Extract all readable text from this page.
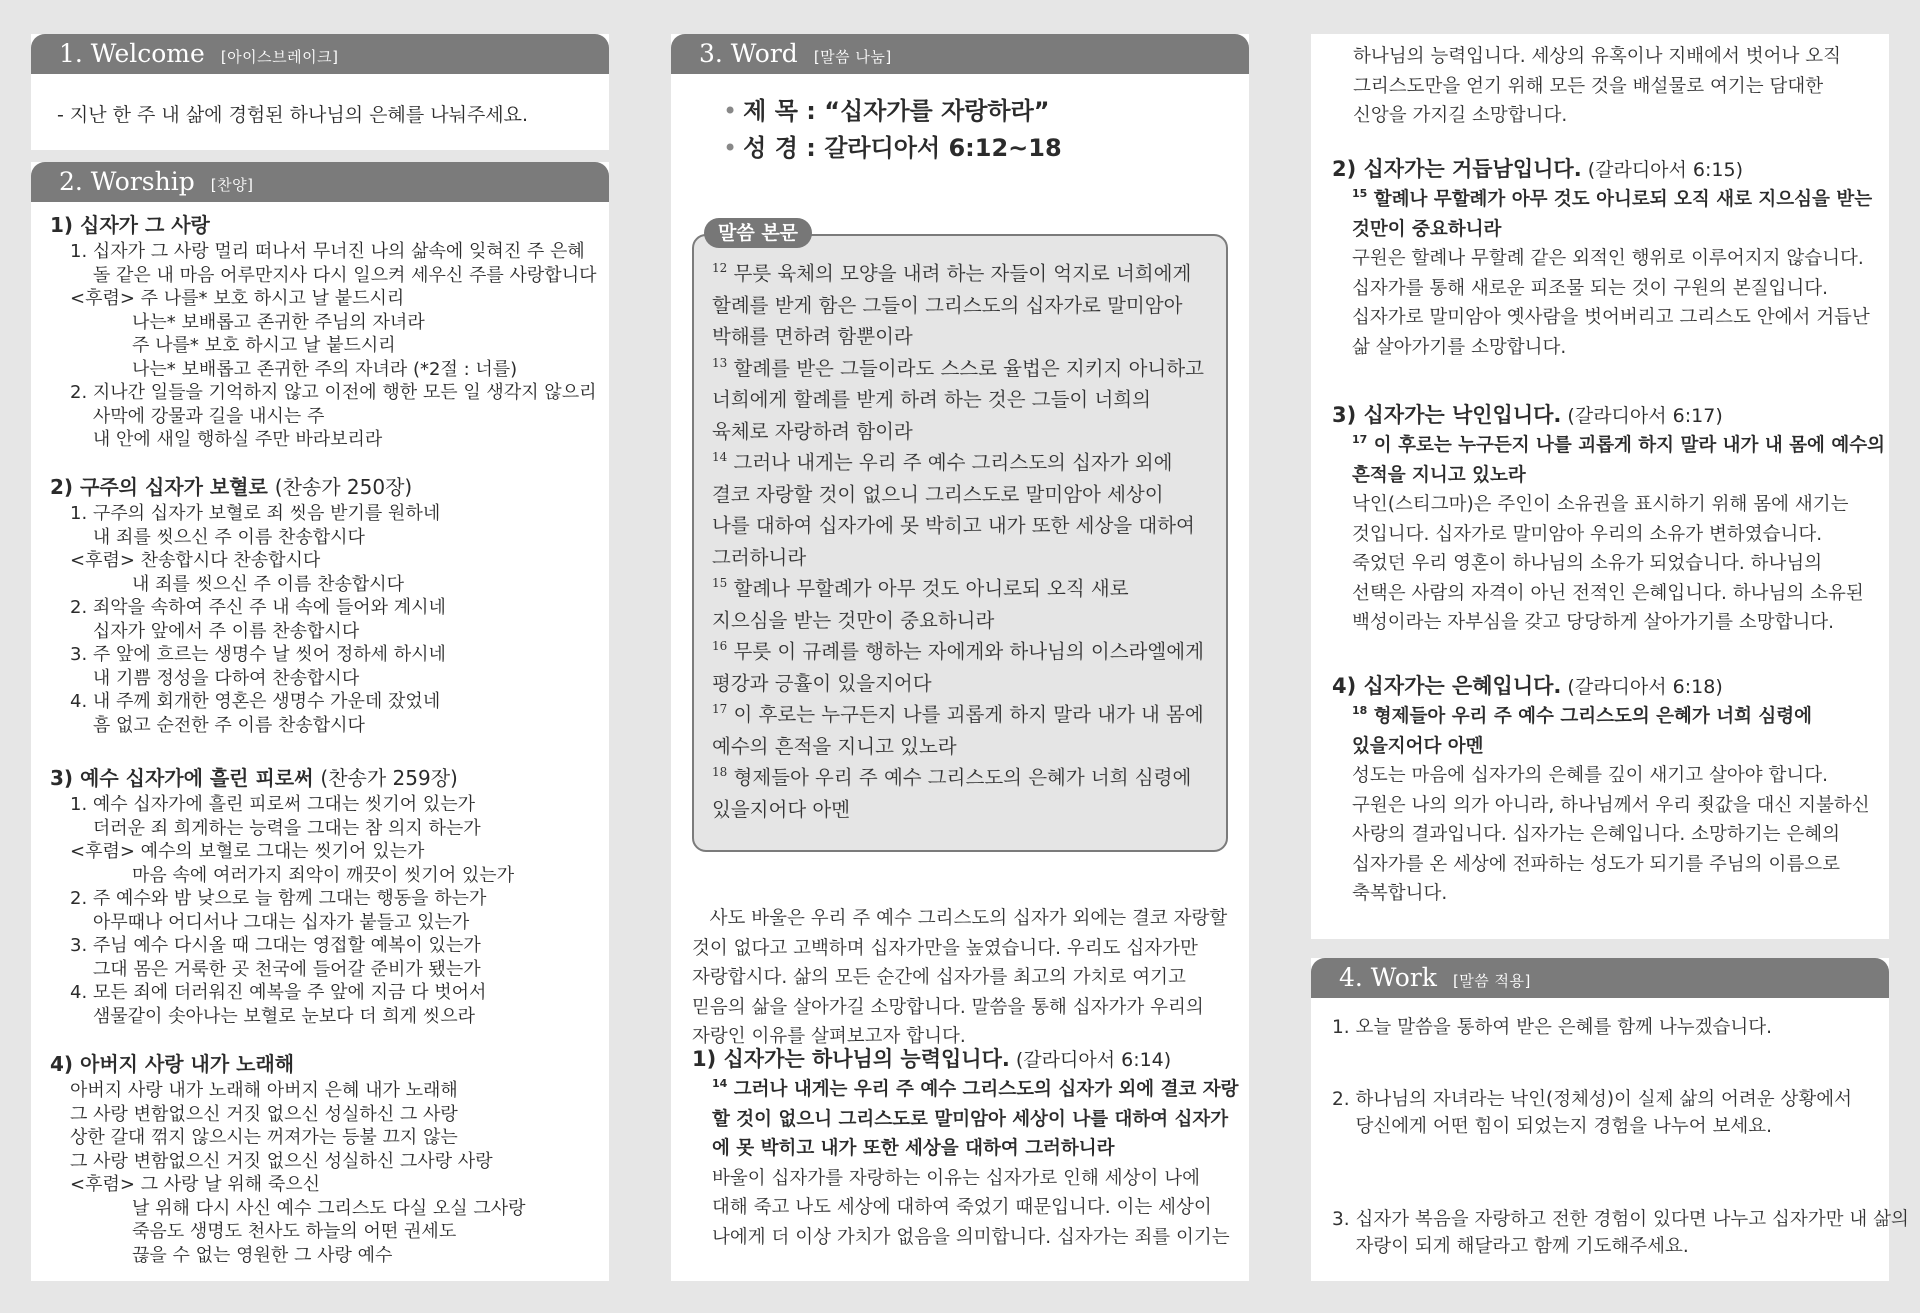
1. Welcome [아이스브레이크]
- 지난 한 주 내 삶에 경험된 하나님의 은혜를 나눠주세요.
2. Worship [찬양]
1) 십자가 그 사랑
1. 십자가 그 사랑 멀리 떠나서 무너진 나의 삶속에 잊혀진 주 은혜
돌 같은 내 마음 어루만지사 다시 일으켜 세우신 주를 사랑합니다
<후렴> 주 나를* 보호 하시고 날 붙드시리
나는* 보배롭고 존귀한 주님의 자녀라
주 나를* 보호 하시고 날 붙드시리
나는* 보배롭고 존귀한 주의 자녀라 (*2절 : 너를)
2. 지나간 일들을 기억하지 않고 이전에 행한 모든 일 생각지 않으리
사막에 강물과 길을 내시는 주
내 안에 새일 행하실 주만 바라보리라
2) 구주의 십자가 보혈로 (찬송가 250장)
1. 구주의 십자가 보혈로 죄 씻음 받기를 원하네
내 죄를 씻으신 주 이름 찬송합시다
<후렴> 찬송합시다 찬송합시다
내 죄를 씻으신 주 이름 찬송합시다
2. 죄악을 속하여 주신 주 내 속에 들어와 계시네
십자가 앞에서 주 이름 찬송합시다
3. 주 앞에 흐르는 생명수 날 씻어 정하세 하시네
내 기쁨 정성을 다하여 찬송합시다
4. 내 주께 회개한 영혼은 생명수 가운데 잤었네
흠 없고 순전한 주 이름 찬송합시다
3) 예수 십자가에 흘린 피로써 (찬송가 259장)
1. 예수 십자가에 흘린 피로써 그대는 씻기어 있는가
더러운 죄 희게하는 능력을 그대는 참 의지 하는가
<후렴> 예수의 보혈로 그대는 씻기어 있는가
마음 속에 여러가지 죄악이 깨끗이 씻기어 있는가
2. 주 예수와 밤 낮으로 늘 함께 그대는 행동을 하는가
아무때나 어디서나 그대는 십자가 붙들고 있는가
3. 주님 예수 다시올 때 그대는 영접할 예복이 있는가
그대 몸은 거룩한 곳 천국에 들어갈 준비가 됐는가
4. 모든 죄에 더러워진 예복을 주 앞에 지금 다 벗어서
샘물같이 솟아나는 보혈로 눈보다 더 희게 씻으라
4) 아버지 사랑 내가 노래해
아버지 사랑 내가 노래해 아버지 은혜 내가 노래해
그 사랑 변함없으신 거짓 없으신 성실하신 그 사랑
상한 갈대 꺾지 않으시는 꺼져가는 등불 끄지 않는
그 사랑 변함없으신 거짓 없으신 성실하신 그사랑 사랑
<후렴> 그 사랑 날 위해 죽으신
날 위해 다시 사신 예수 그리스도 다실 오실 그사랑
죽음도 생명도 천사도 하늘의 어떤 권세도
끊을 수 없는 영원한 그 사랑 예수
3. Word [말씀 나눔]
• 제 목 : “십자가를 자랑하라”
• 성 경 : 갈라디아서 6:12~18
말씀 본문
$^{12}$ 무릇 육체의 모양을 내려 하는 자들이 억지로 너희에게
할례를 받게 함은 그들이 그리스도의 십자가로 말미암아
박해를 면하려 함뿐이라
$^{13}$ 할례를 받은 그들이라도 스스로 율법은 지키지 아니하고
너희에게 할례를 받게 하려 하는 것은 그들이 너희의
육체로 자랑하려 함이라
$^{14}$ 그러나 내게는 우리 주 예수 그리스도의 십자가 외에
결코 자랑할 것이 없으니 그리스도로 말미암아 세상이
나를 대하여 십자가에 못 박히고 내가 또한 세상을 대하여
그러하니라
$^{15}$ 할례나 무할례가 아무 것도 아니로되 오직 새로
지으심을 받는 것만이 중요하니라
$^{16}$ 무릇 이 규례를 행하는 자에게와 하나님의 이스라엘에게
평강과 긍휼이 있을지어다
$^{17}$ 이 후로는 누구든지 나를 괴롭게 하지 말라 내가 내 몸에
예수의 흔적을 지니고 있노라
$^{18}$ 형제들아 우리 주 예수 그리스도의 은혜가 너희 심령에
있을지어다 아멘
사도 바울은 우리 주 예수 그리스도의 십자가 외에는 결코 자랑할
것이 없다고 고백하며 십자가만을 높였습니다. 우리도 십자가만
자랑합시다. 삶의 모든 순간에 십자가를 최고의 가치로 여기고
믿음의 삶을 살아가길 소망합니다. 말씀을 통해 십자가가 우리의
자랑인 이유를 살펴보고자 합니다.
1) 십자가는 하나님의 능력입니다. (갈라디아서 6:14)
$^{14}$ 그러나 내게는 우리 주 예수 그리스도의 십자가 외에 결코 자랑
할 것이 없으니 그리스도로 말미암아 세상이 나를 대하여 십자가
에 못 박히고 내가 또한 세상을 대하여 그러하니라
바울이 십자가를 자랑하는 이유는 십자가로 인해 세상이 나에
대해 죽고 나도 세상에 대하여 죽었기 때문입니다. 이는 세상이
나에게 더 이상 가치가 없음을 의미합니다. 십자가는 죄를 이기는
하나님의 능력입니다. 세상의 유혹이나 지배에서 벗어나 오직
그리스도만을 얻기 위해 모든 것을 배설물로 여기는 담대한
신앙을 가지길 소망합니다.
2) 십자가는 거듭남입니다. (갈라디아서 6:15)
$^{15}$ 할례나 무할례가 아무 것도 아니로되 오직 새로 지으심을 받는
것만이 중요하니라
구원은 할례나 무할례 같은 외적인 행위로 이루어지지 않습니다.
십자가를 통해 새로운 피조물 되는 것이 구원의 본질입니다.
십자가로 말미암아 옛사람을 벗어버리고 그리스도 안에서 거듭난
삶 살아가기를 소망합니다.
3) 십자가는 낙인입니다. (갈라디아서 6:17)
$^{17}$ 이 후로는 누구든지 나를 괴롭게 하지 말라 내가 내 몸에 예수의
흔적을 지니고 있노라
낙인(스티그마)은 주인이 소유권을 표시하기 위해 몸에 새기는
것입니다. 십자가로 말미암아 우리의 소유가 변하였습니다.
죽었던 우리 영혼이 하나님의 소유가 되었습니다. 하나님의
선택은 사람의 자격이 아닌 전적인 은혜입니다. 하나님의 소유된
백성이라는 자부심을 갖고 당당하게 살아가기를 소망합니다.
4) 십자가는 은혜입니다. (갈라디아서 6:18)
$^{18}$ 형제들아 우리 주 예수 그리스도의 은혜가 너희 심령에
있을지어다 아멘
성도는 마음에 십자가의 은혜를 깊이 새기고 살아야 합니다.
구원은 나의 의가 아니라, 하나님께서 우리 죗값을 대신 지불하신
사랑의 결과입니다. 십자가는 은혜입니다. 소망하기는 은혜의
십자가를 온 세상에 전파하는 성도가 되기를 주님의 이름으로
축복합니다.
4. Work [말씀 적용]
1. 오늘 말씀을 통하여 받은 은혜를 함께 나누겠습니다.
2. 하나님의 자녀라는 낙인(정체성)이 실제 삶의 어려운 상황에서
당신에게 어떤 힘이 되었는지 경험을 나누어 보세요.
3. 십자가 복음을 자랑하고 전한 경험이 있다면 나누고 십자가만 내 삶의
자랑이 되게 해달라고 함께 기도해주세요.
